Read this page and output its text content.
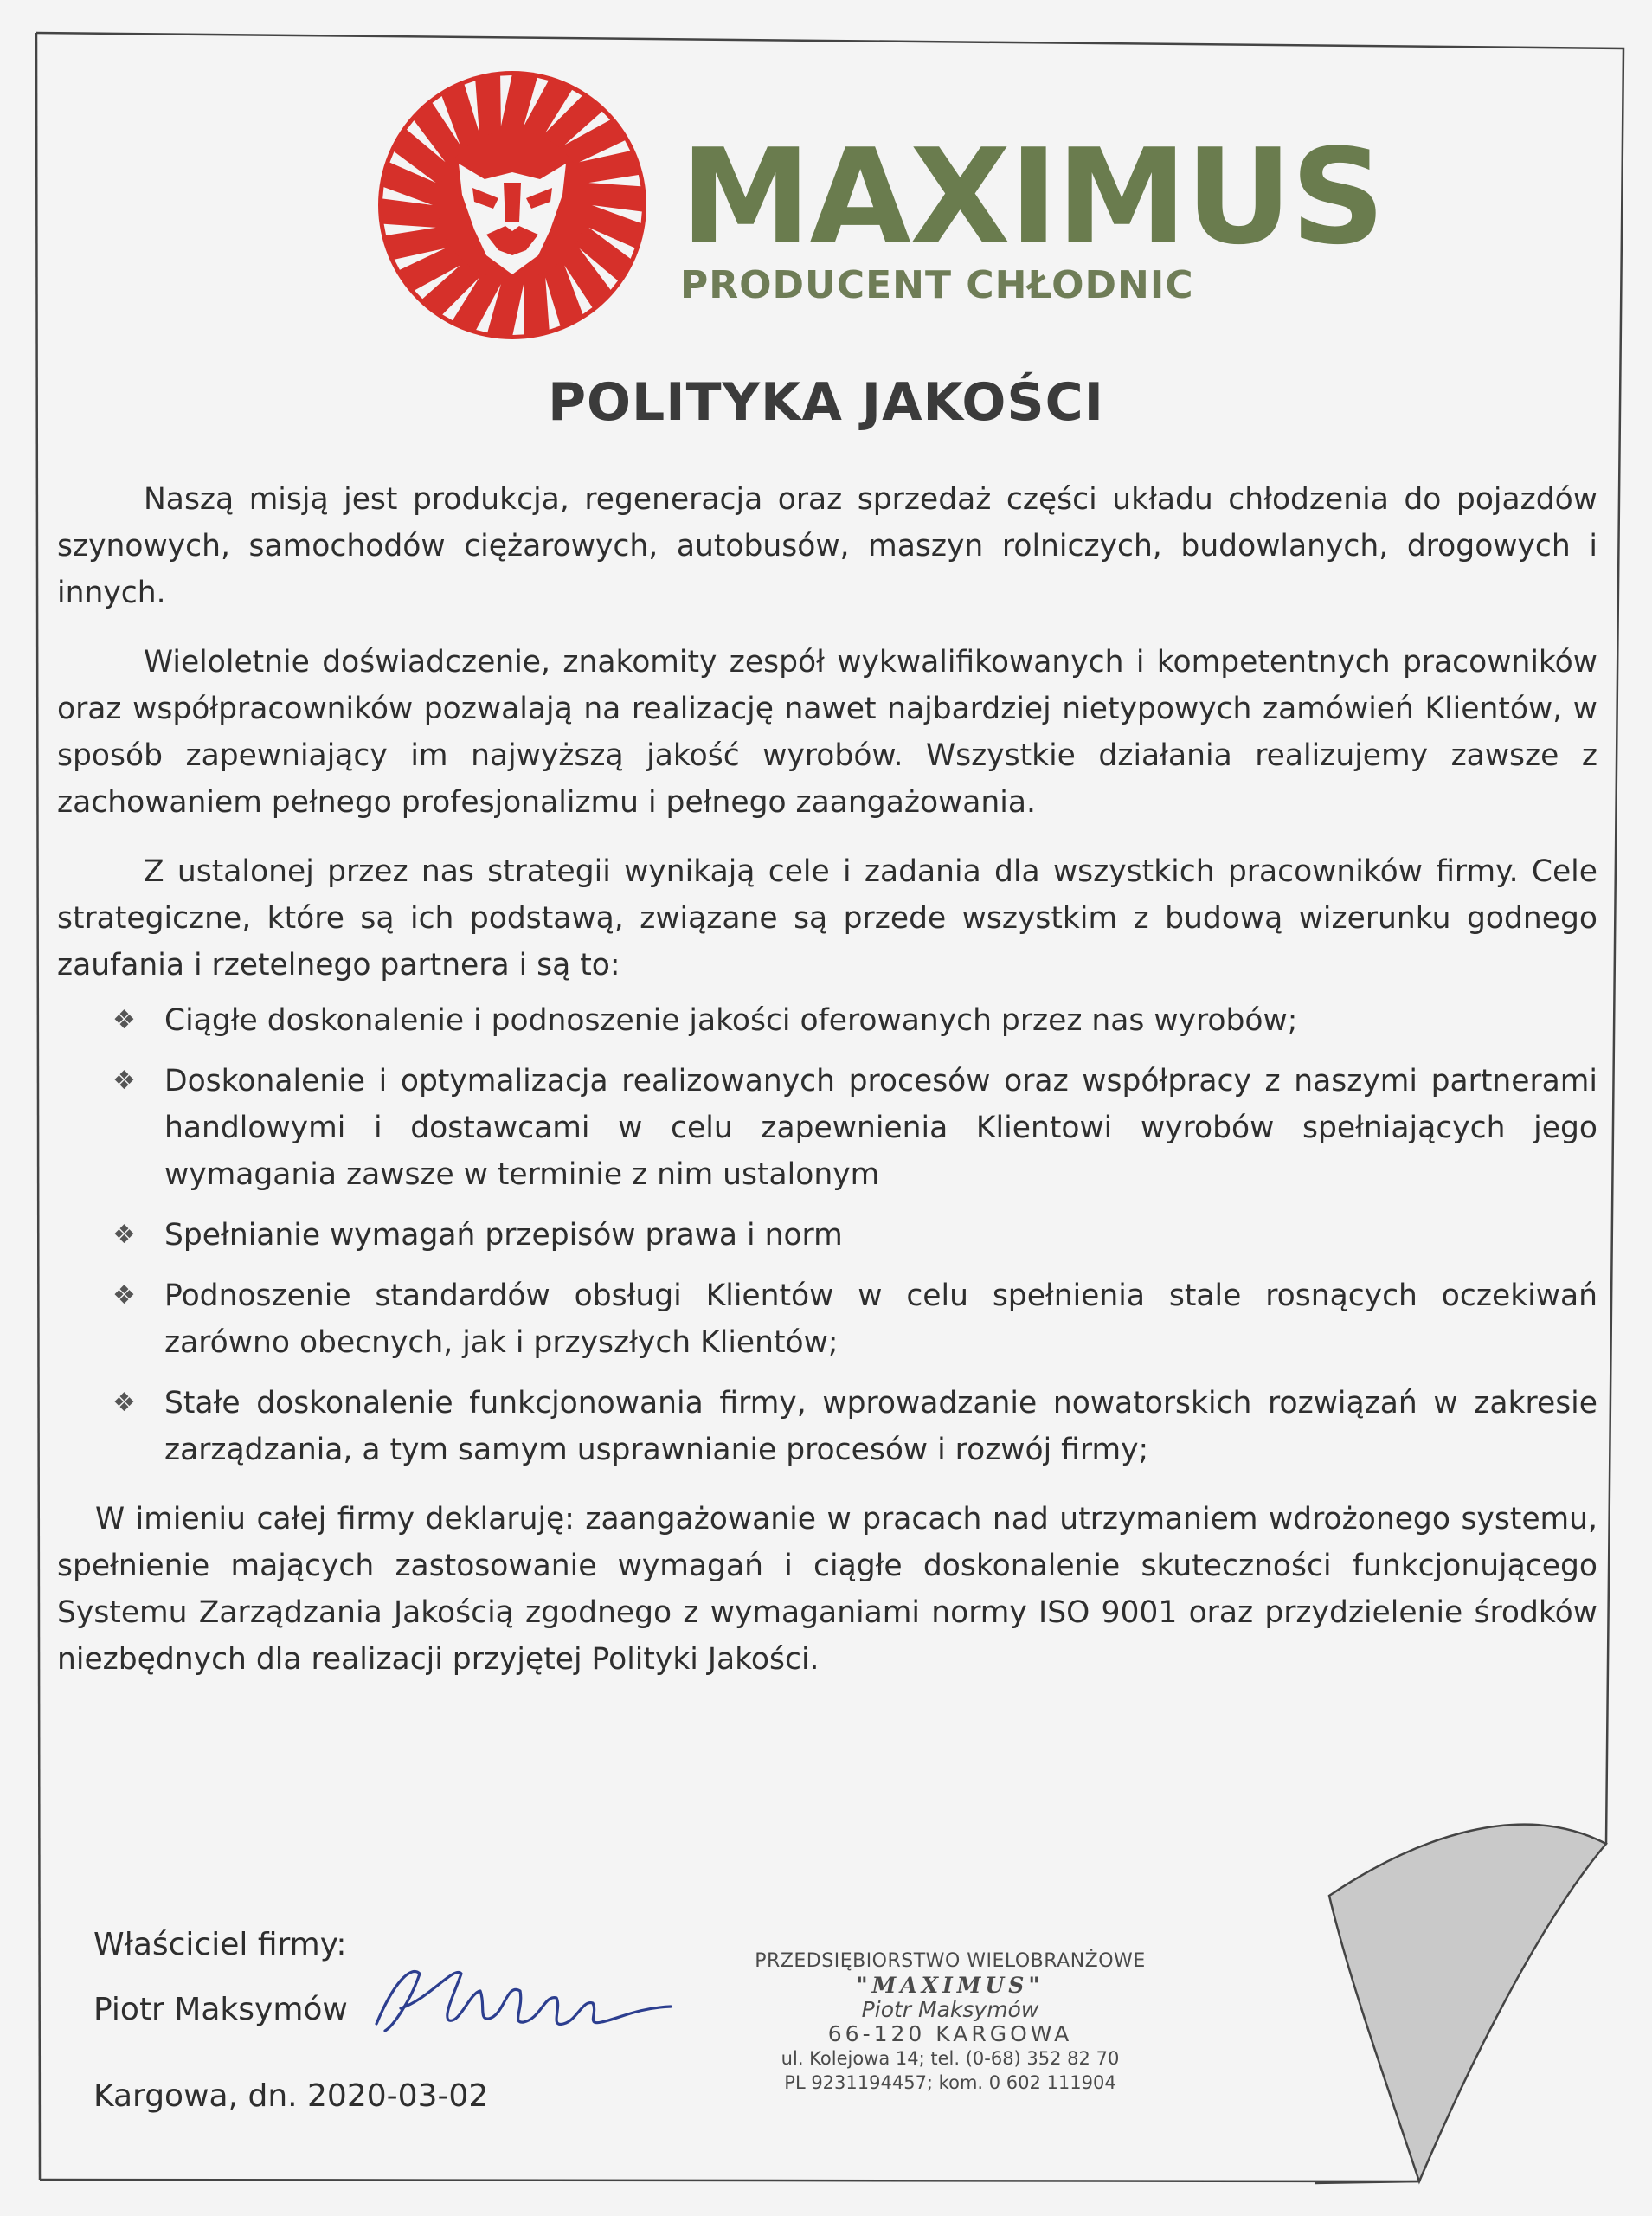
MAXIMUS
PRODUCENT CHŁODNIC
POLITYKA JAKOŚCI

Naszą misją jest produkcja, regeneracja oraz sprzedaż części układu chłodzenia do pojazdów szynowych, samochodów ciężarowych, autobusów, maszyn rolniczych, budowlanych, drogowych i innych.

Wieloletnie doświadczenie, znakomity zespół wykwalifikowanych i kompetentnych pracowników oraz współpracowników pozwalają na realizację nawet najbardziej nietypowych zamówień Klientów, w sposób zapewniający im najwyższą jakość wyrobów. Wszystkie działania realizujemy zawsze z zachowaniem pełnego profesjonalizmu i pełnego zaangażowania.

Z ustalonej przez nas strategii wynikają cele i zadania dla wszystkich pracowników firmy. Cele strategiczne, które są ich podstawą, związane są przede wszystkim z budową wizerunku godnego zaufania i rzetelnego partnera i są to:

❖ Ciągłe doskonalenie i podnoszenie jakości oferowanych przez nas wyrobów;
❖ Doskonalenie i optymalizacja realizowanych procesów oraz współpracy z naszymi partnerami handlowymi i dostawcami w celu zapewnienia Klientowi wyrobów spełniających jego wymagania zawsze w terminie z nim ustalonym
❖ Spełnianie wymagań przepisów prawa i norm
❖ Podnoszenie standardów obsługi Klientów w celu spełnienia stale rosnących oczekiwań zarówno obecnych, jak i przyszłych Klientów;
❖ Stałe doskonalenie funkcjonowania firmy, wprowadzanie nowatorskich rozwiązań w zakresie zarządzania, a tym samym usprawnianie procesów i rozwój firmy;

W imieniu całej firmy deklaruję: zaangażowanie w pracach nad utrzymaniem wdrożonego systemu, spełnienie mających zastosowanie wymagań i ciągłe doskonalenie skuteczności funkcjonującego Systemu Zarządzania Jakością zgodnego z wymaganiami normy ISO 9001 oraz przydzielenie środków niezbędnych dla realizacji przyjętej Polityki Jakości.

Właściciel firmy:

Piotr Maksymów

Kargowa, dn. 2020-03-02

PRZEDSIĘBIORSTWO WIELOBRANŻOWE
"MAXIMUS"
Piotr Maksymów
66-120 KARGOWA
ul. Kolejowa 14; tel. (0-68) 352 82 70
PL 9231194457; kom. 0 602 111904
